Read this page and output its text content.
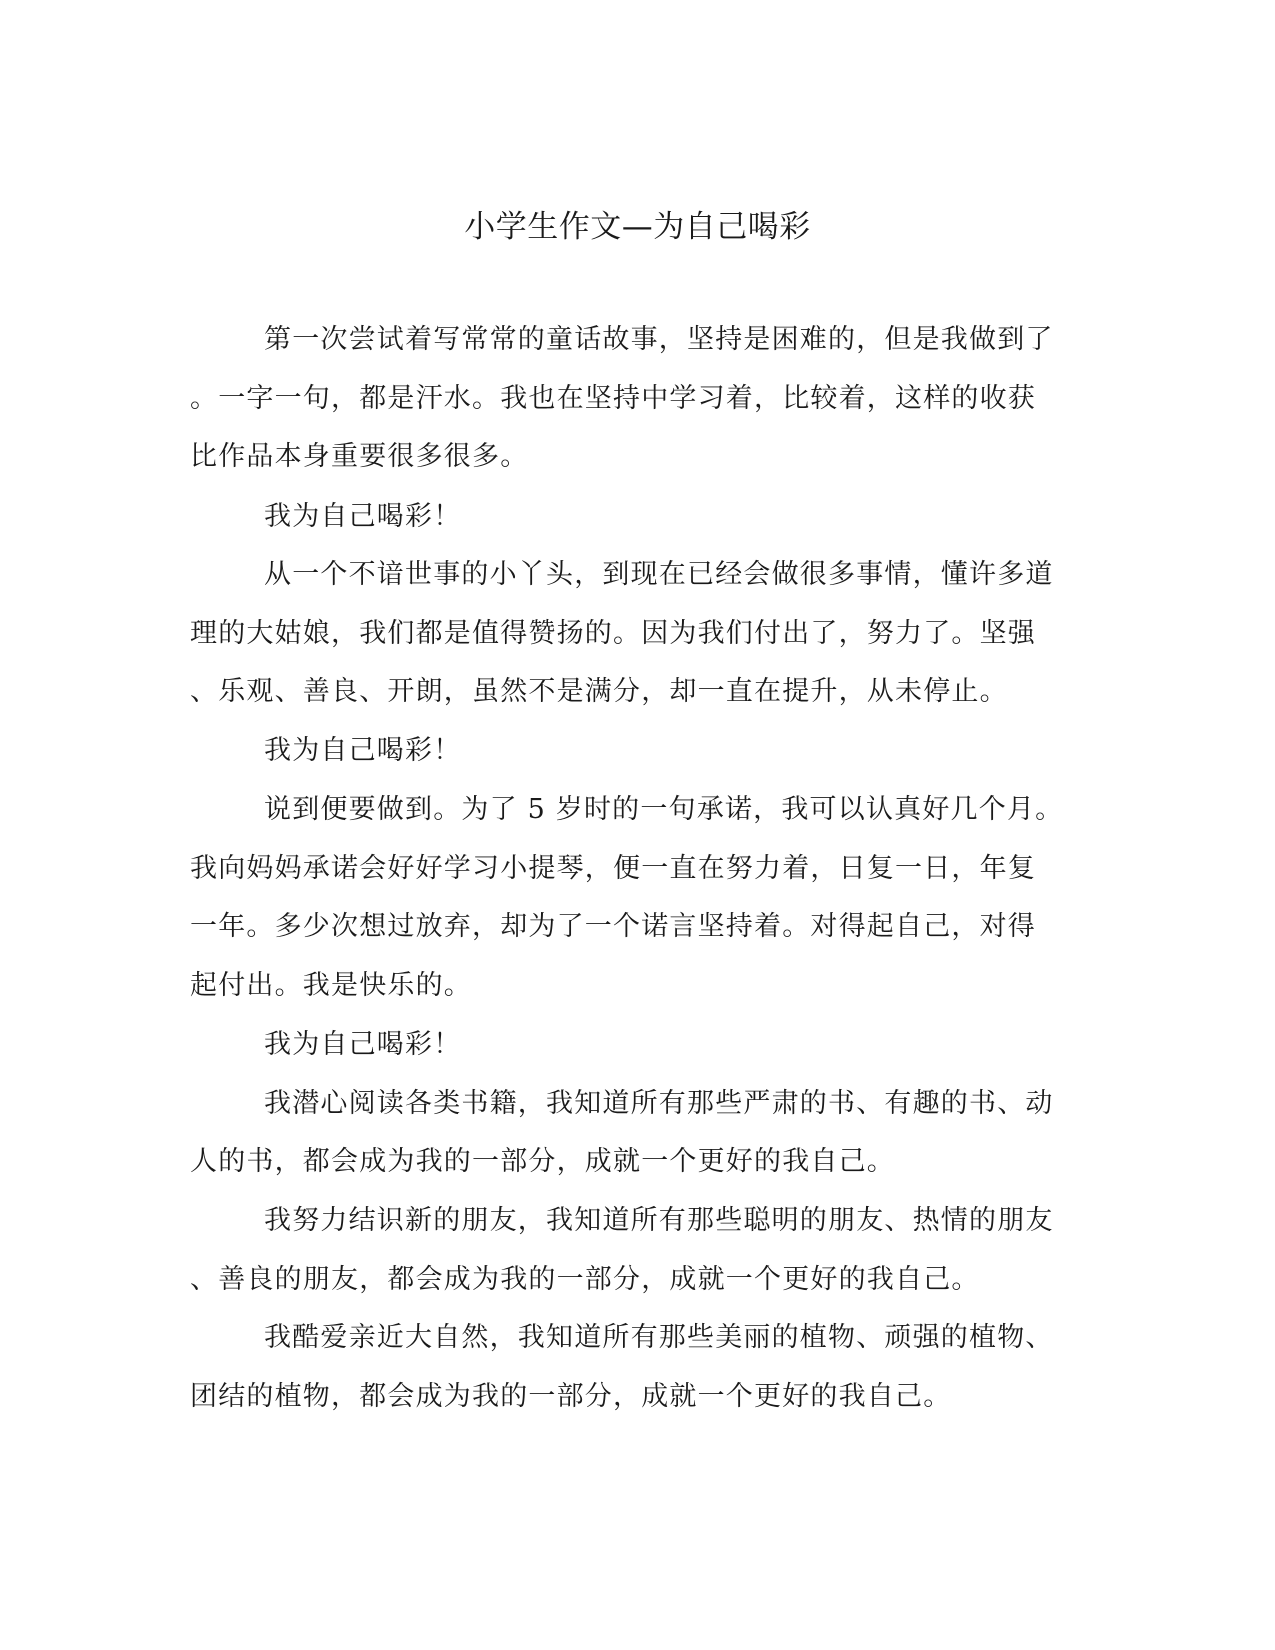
小学生作文—为自己喝彩

第一次尝试着写常常的童话故事，坚持是困难的，但是我做到了

。一字一句，都是汗水。我也在坚持中学习着，比较着，这样的收获

比作品本身重要很多很多。

我为自己喝彩！

从一个不谙世事的小丫头，到现在已经会做很多事情，懂许多道

理的大姑娘，我们都是值得赞扬的。因为我们付出了，努力了。坚强

、乐观、善良、开朗，虽然不是满分，却一直在提升，从未停止。

我为自己喝彩！

说到便要做到。为了 5 岁时的一句承诺，我可以认真好几个月。

我向妈妈承诺会好好学习小提琴，便一直在努力着，日复一日，年复

一年。多少次想过放弃，却为了一个诺言坚持着。对得起自己，对得

起付出。我是快乐的。

我为自己喝彩！

我潜心阅读各类书籍，我知道所有那些严肃的书、有趣的书、动

人的书，都会成为我的一部分，成就一个更好的我自己。

我努力结识新的朋友，我知道所有那些聪明的朋友、热情的朋友

、善良的朋友，都会成为我的一部分，成就一个更好的我自己。

我酷爱亲近大自然，我知道所有那些美丽的植物、顽强的植物、

团结的植物，都会成为我的一部分，成就一个更好的我自己。
